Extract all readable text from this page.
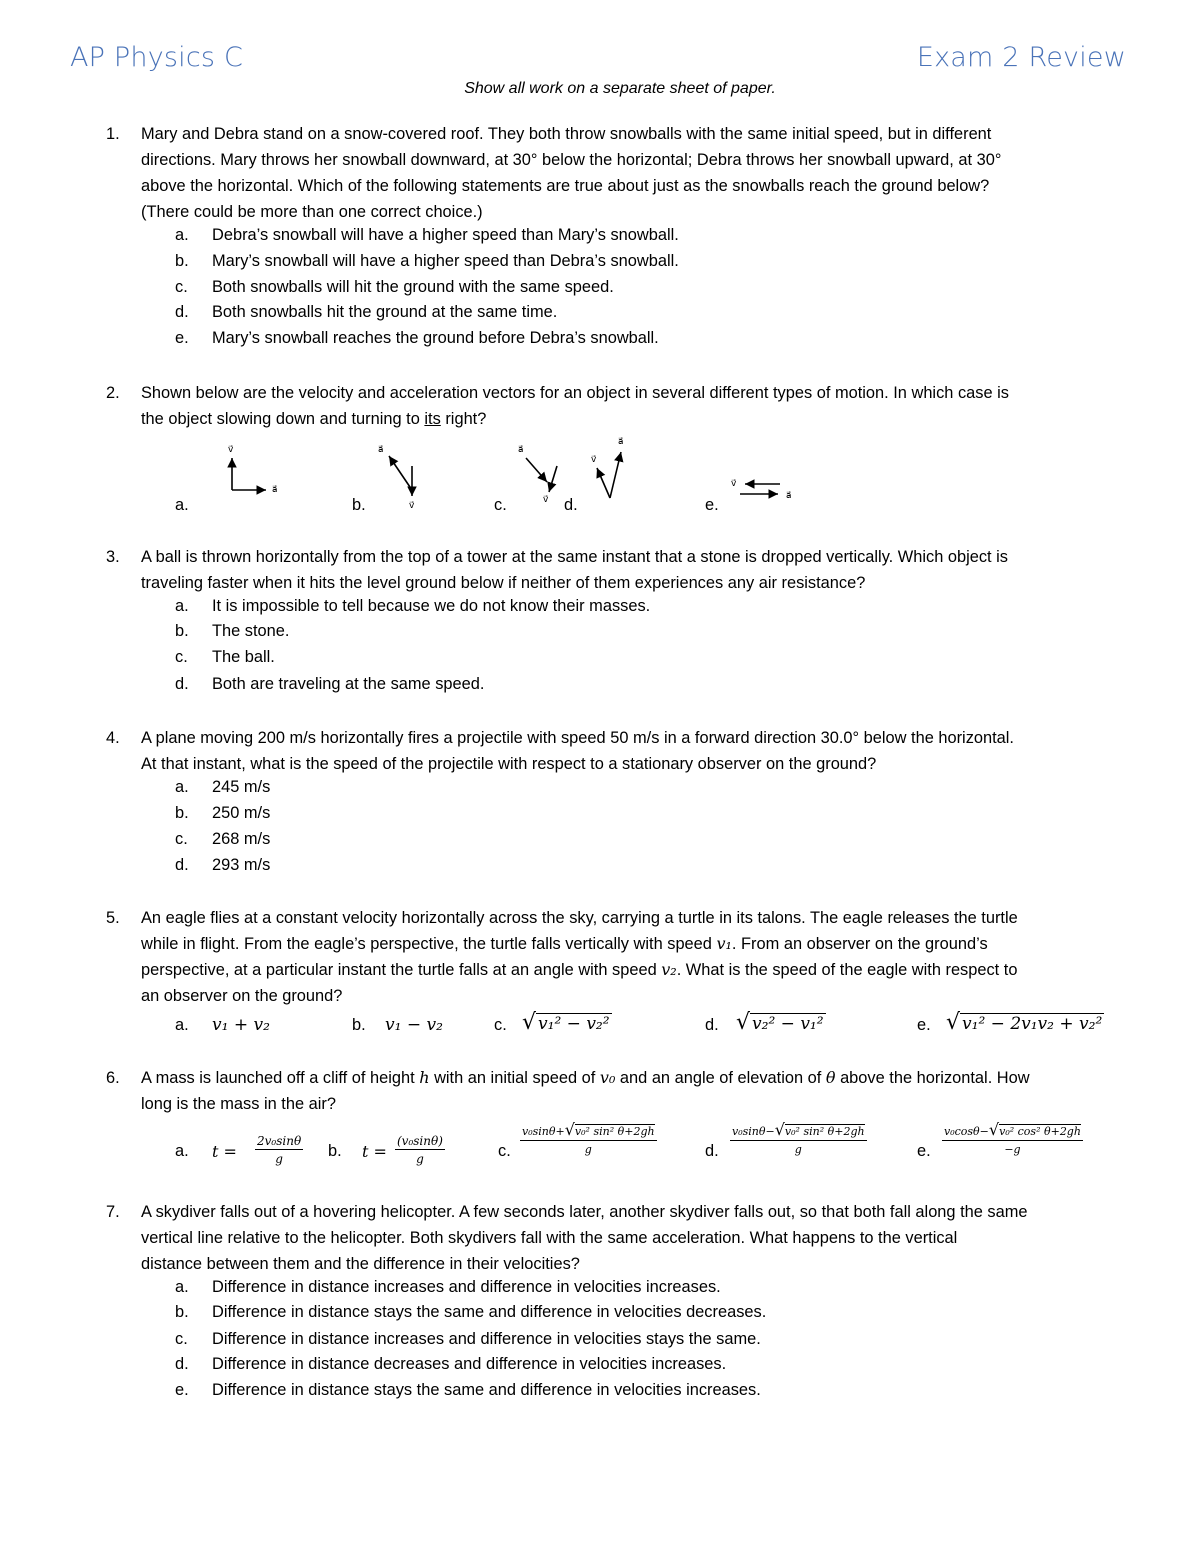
AP Physics C	Exam 2 Review
Show all work on a separate sheet of paper.
1. Mary and Debra stand on a snow-covered roof. They both throw snowballs with the same initial speed, but in different
directions. Mary throws her snowball downward, at 30° below the horizontal; Debra throws her snowball upward, at 30°
above the horizontal. Which of the following statements are true about just as the snowballs reach the ground below?
(There could be more than one correct choice.)
a. Debra’s snowball will have a higher speed than Mary’s snowball.
b. Mary’s snowball will have a higher speed than Debra’s snowball.
c. Both snowballs will hit the ground with the same speed.
d. Both snowballs hit the ground at the same time.
e. Mary’s snowball reaches the ground before Debra’s snowball.
2. Shown below are the velocity and acceleration vectors for an object in several different types of motion. In which case is
the object slowing down and turning to its right?
a.	b.	c.	d.	e.
v⃗
a⃗
a⃗
v⃗
a⃗
v⃗
v⃗
a⃗
v⃗
a⃗
3. A ball is thrown horizontally from the top of a tower at the same instant that a stone is dropped vertically. Which object is
traveling faster when it hits the level ground below if neither of them experiences any air resistance?
a. It is impossible to tell because we do not know their masses.
b. The stone.
c. The ball.
d. Both are traveling at the same speed.
4. A plane moving 200 m/s horizontally fires a projectile with speed 50 m/s in a forward direction 30.0° below the horizontal.
At that instant, what is the speed of the projectile with respect to a stationary observer on the ground?
a. 245 m/s
b. 250 m/s
c. 268 m/s
d. 293 m/s
5. An eagle flies at a constant velocity horizontally across the sky, carrying a turtle in its talons. The eagle releases the turtle
while in flight. From the eagle’s perspective, the turtle falls vertically with speed v₁. From an observer on the ground’s
perspective, at a particular instant the turtle falls at an angle with speed v₂. What is the speed of the eagle with respect to
an observer on the ground?
a. v₁ + v₂	b. v₁ − v₂	c. √ v₁² − v₂²	d. √ v₂² − v₁²	e. √ v₁² − 2v₁v₂ + v₂²
6. A mass is launched off a cliff of height h with an initial speed of v₀ and an angle of elevation of θ above the horizontal. How
long is the mass in the air?
a. $t = \frac{\text{2v₀sinθ}}{g} b$. $t = \frac{\text{(v₀sinθ)}}{g}$	c. $\frac{\text{v₀sinθ+√v₀² sin² θ+2gh}}{g}$	d. $\frac{\text{v₀sinθ−√v₀² sin² θ+2gh}}{g}$	e. $\frac{\text{v₀cosθ−√v₀² cos² θ+2gh}}{-g}$
7. A skydiver falls out of a hovering helicopter. A few seconds later, another skydiver falls out, so that both fall along the same
vertical line relative to the helicopter. Both skydivers fall with the same acceleration. What happens to the vertical
distance between them and the difference in their velocities?
a. Difference in distance increases and difference in velocities increases.
b. Difference in distance stays the same and difference in velocities decreases.
c. Difference in distance increases and difference in velocities stays the same.
d. Difference in distance decreases and difference in velocities increases.
e. Difference in distance stays the same and difference in velocities increases.
